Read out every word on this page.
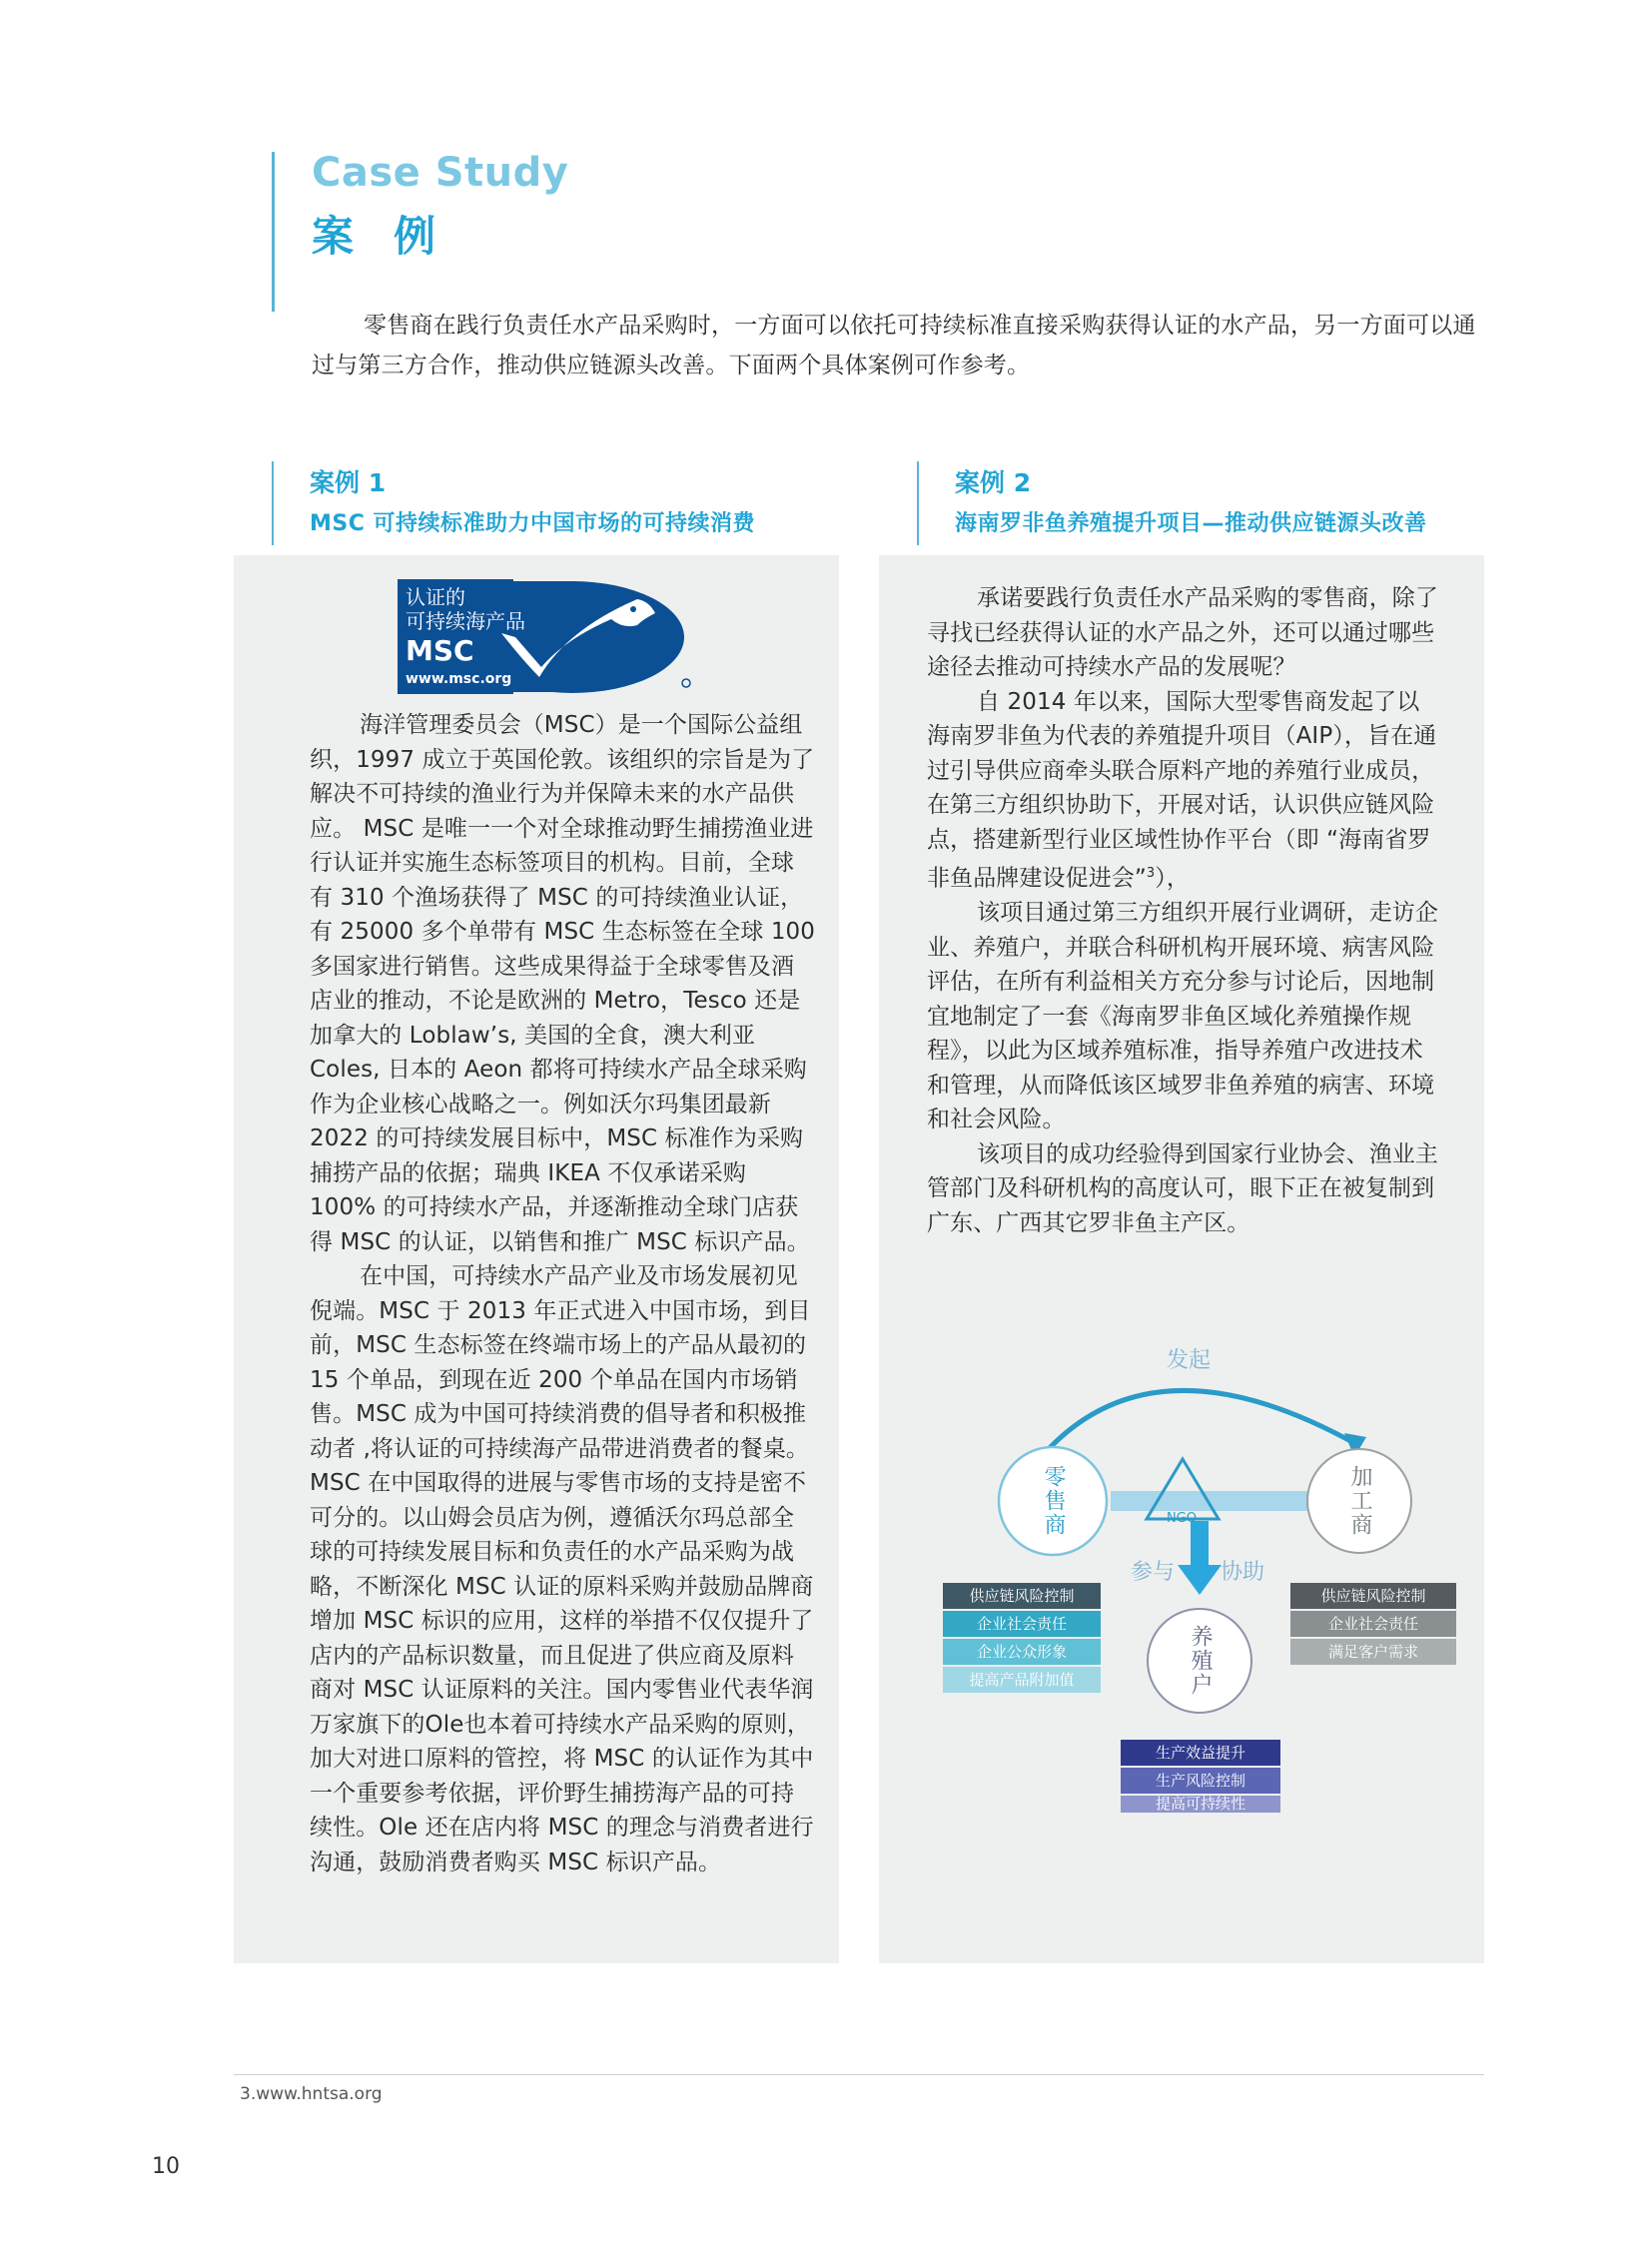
Case Study
案例
零售商在践行负责任水产品采购时，一方面可以依托可持续标准直接采购获得认证的水产品，另一方面可以通过与第三方合作，推动供应链源头改善。下面两个具体案例可作参考。
案例 1
MSC 可持续标准助力中国市场的可持续消费
案例 2
海南罗非鱼养殖提升项目—推动供应链源头改善
认证的
可持续海产品
MSC
www.msc.org

海洋管理委员会（MSC）是一个国际公益组织，1997 成立于英国伦敦。该组织的宗旨是为了解决不可持续的渔业行为并保障未来的水产品供应。 MSC 是唯一一个对全球推动野生捕捞渔业进行认证并实施生态标签项目的机构。目前，全球有 310 个渔场获得了 MSC 的可持续渔业认证，有 25000 多个单带有 MSC 生态标签在全球 100 多国家进行销售。这些成果得益于全球零售及酒店业的推动，不论是欧洲的 Metro，Tesco 还是加拿大的 Loblaw’s, 美国的全食，澳大利亚 Coles, 日本的 Aeon 都将可持续水产品全球采购作为企业核心战略之一。例如沃尔玛集团最新 2022 的可持续发展目标中，MSC 标准作为采购捕捞产品的依据；瑞典 IKEA 不仅承诺采购 100% 的可持续水产品，并逐渐推动全球门店获得 MSC 的认证，以销售和推广 MSC 标识产品。

在中国，可持续水产品产业及市场发展初见倪端。MSC 于 2013 年正式进入中国市场，到目前，MSC 生态标签在终端市场上的产品从最初的 15 个单品，到现在近 200 个单品在国内市场销售。MSC 成为中国可持续消费的倡导者和积极推动者 ,将认证的可持续海产品带进消费者的餐桌。MSC 在中国取得的进展与零售市场的支持是密不可分的。以山姆会员店为例，遵循沃尔玛总部全球的可持续发展目标和负责任的水产品采购为战略，不断深化 MSC 认证的原料采购并鼓励品牌商增加 MSC 标识的应用，这样的举措不仅仅提升了店内的产品标识数量，而且促进了供应商及原料商对 MSC 认证原料的关注。国内零售业代表华润万家旗下的Ole也本着可持续水产品采购的原则，加大对进口原料的管控，将 MSC 的认证作为其中一个重要参考依据，评价野生捕捞海产品的可持续性。Ole 还在店内将 MSC 的理念与消费者进行沟通，鼓励消费者购买 MSC 标识产品。

承诺要践行负责任水产品采购的零售商，除了寻找已经获得认证的水产品之外，还可以通过哪些途径去推动可持续水产品的发展呢？

自 2014 年以来，国际大型零售商发起了以海南罗非鱼为代表的养殖提升项目（AIP），旨在通过引导供应商牵头联合原料产地的养殖行业成员，在第三方组织协助下，开展对话，认识供应链风险点，搭建新型行业区域性协作平台（即 “海南省罗非鱼品牌建设促进会”$^3$），

该项目通过第三方组织开展行业调研，走访企业、养殖户，并联合科研机构开展环境、病害风险评估，在所有利益相关方充分参与讨论后，因地制宜地制定了一套《海南罗非鱼区域化养殖操作规程》，以此为区域养殖标准，指导养殖户改进技术和管理，从而降低该区域罗非鱼养殖的病害、环境和社会风险。

该项目的成功经验得到国家行业协会、渔业主管部门及科研机构的高度认可，眼下正在被复制到广东、广西其它罗非鱼主产区。

发起
零售商	加工商
养殖户
NGO
参与 协助
供应链风险控制
企业社会责任
企业公众形象
提高产品附加值
供应链风险控制
企业社会责任
满足客户需求
生产效益提升
生产风险控制
提高可持续性
3.www.hntsa.org
10
